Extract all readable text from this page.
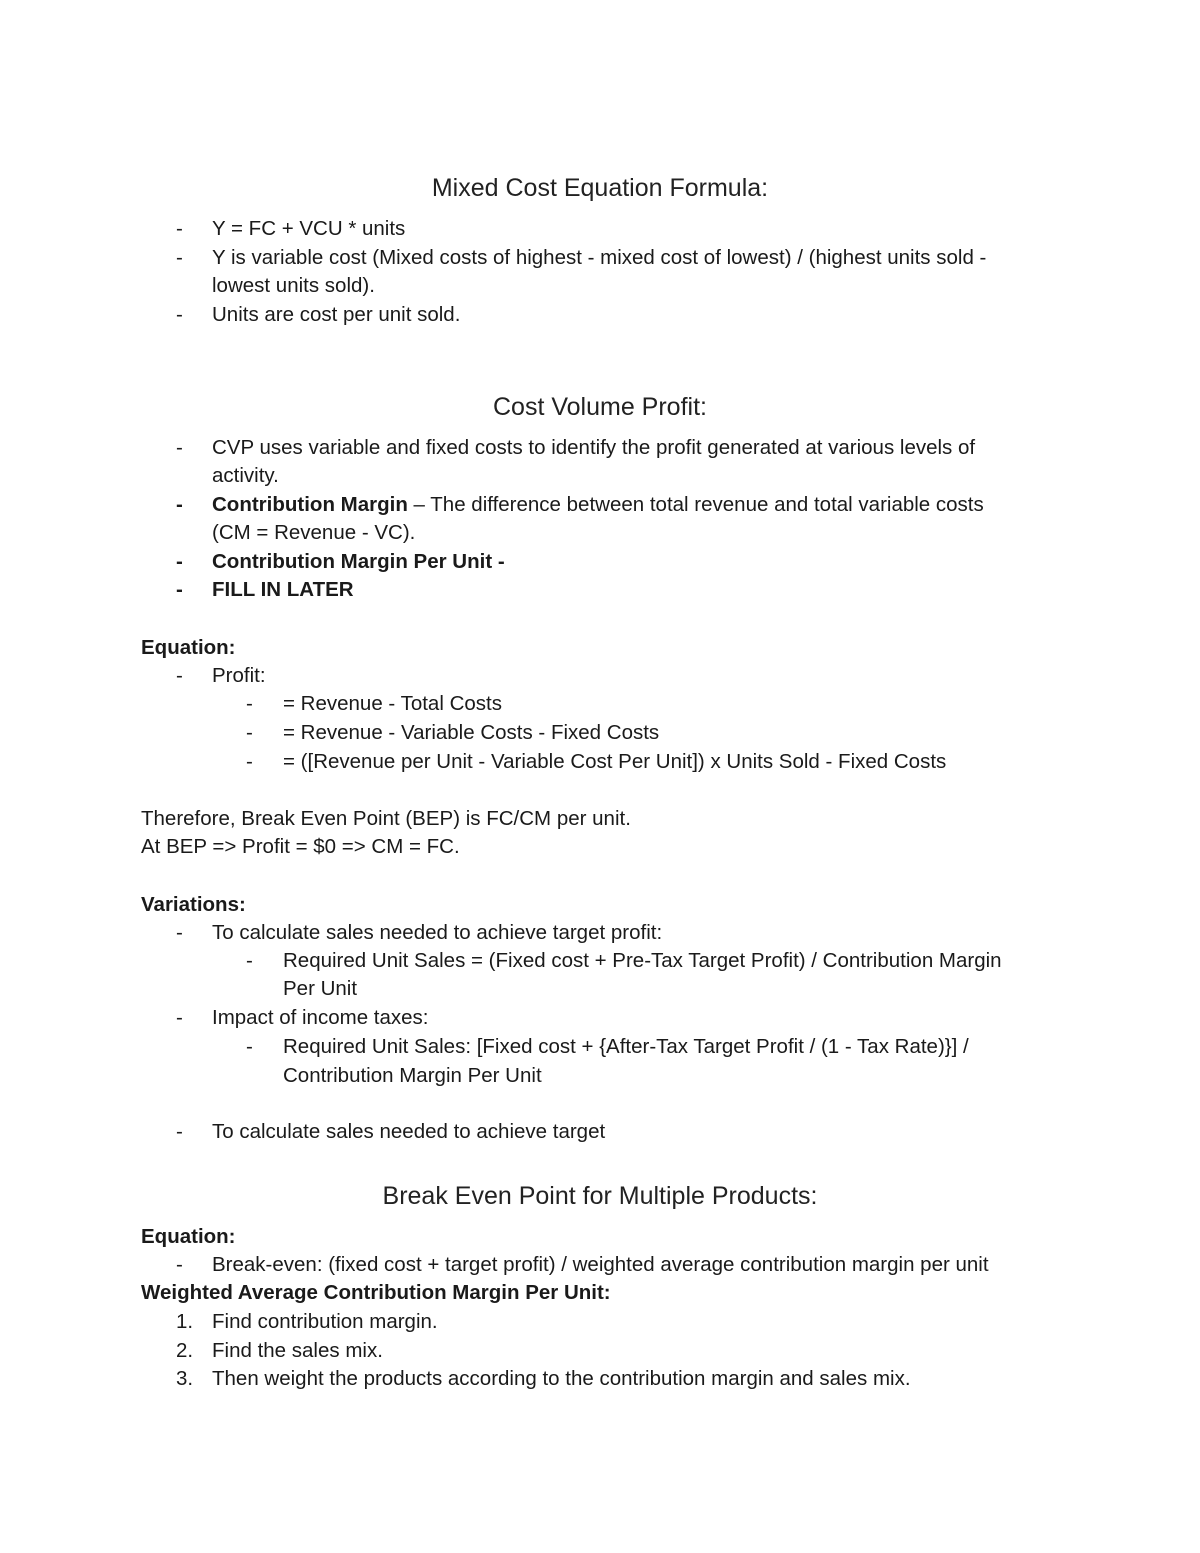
Mixed Cost Equation Formula:
- Y = FC + VCU * units
- Y is variable cost (Mixed costs of highest - mixed cost of lowest) / (highest units sold -
lowest units sold).
- Units are cost per unit sold.
Cost Volume Profit:
- CVP uses variable and fixed costs to identify the profit generated at various levels of
activity.
- Contribution Margin – The difference between total revenue and total variable costs
(CM = Revenue - VC).
- Contribution Margin Per Unit -
- FILL IN LATER
Equation:
- Profit:
- = Revenue - Total Costs
- = Revenue - Variable Costs - Fixed Costs
- = ([Revenue per Unit - Variable Cost Per Unit]) x Units Sold - Fixed Costs
Therefore, Break Even Point (BEP) is FC/CM per unit.
At BEP => Profit = $0 => CM = FC.
Variations:
- To calculate sales needed to achieve target profit:
- Required Unit Sales = (Fixed cost + Pre-Tax Target Profit) / Contribution Margin
Per Unit
- Impact of income taxes:
- Required Unit Sales: [Fixed cost + {After-Tax Target Profit / (1 - Tax Rate)}] /
Contribution Margin Per Unit
- To calculate sales needed to achieve target
Break Even Point for Multiple Products:
Equation:
- Break-even: (fixed cost + target profit) / weighted average contribution margin per unit
Weighted Average Contribution Margin Per Unit:
1. Find contribution margin.
2. Find the sales mix.
3. Then weight the products according to the contribution margin and sales mix.
